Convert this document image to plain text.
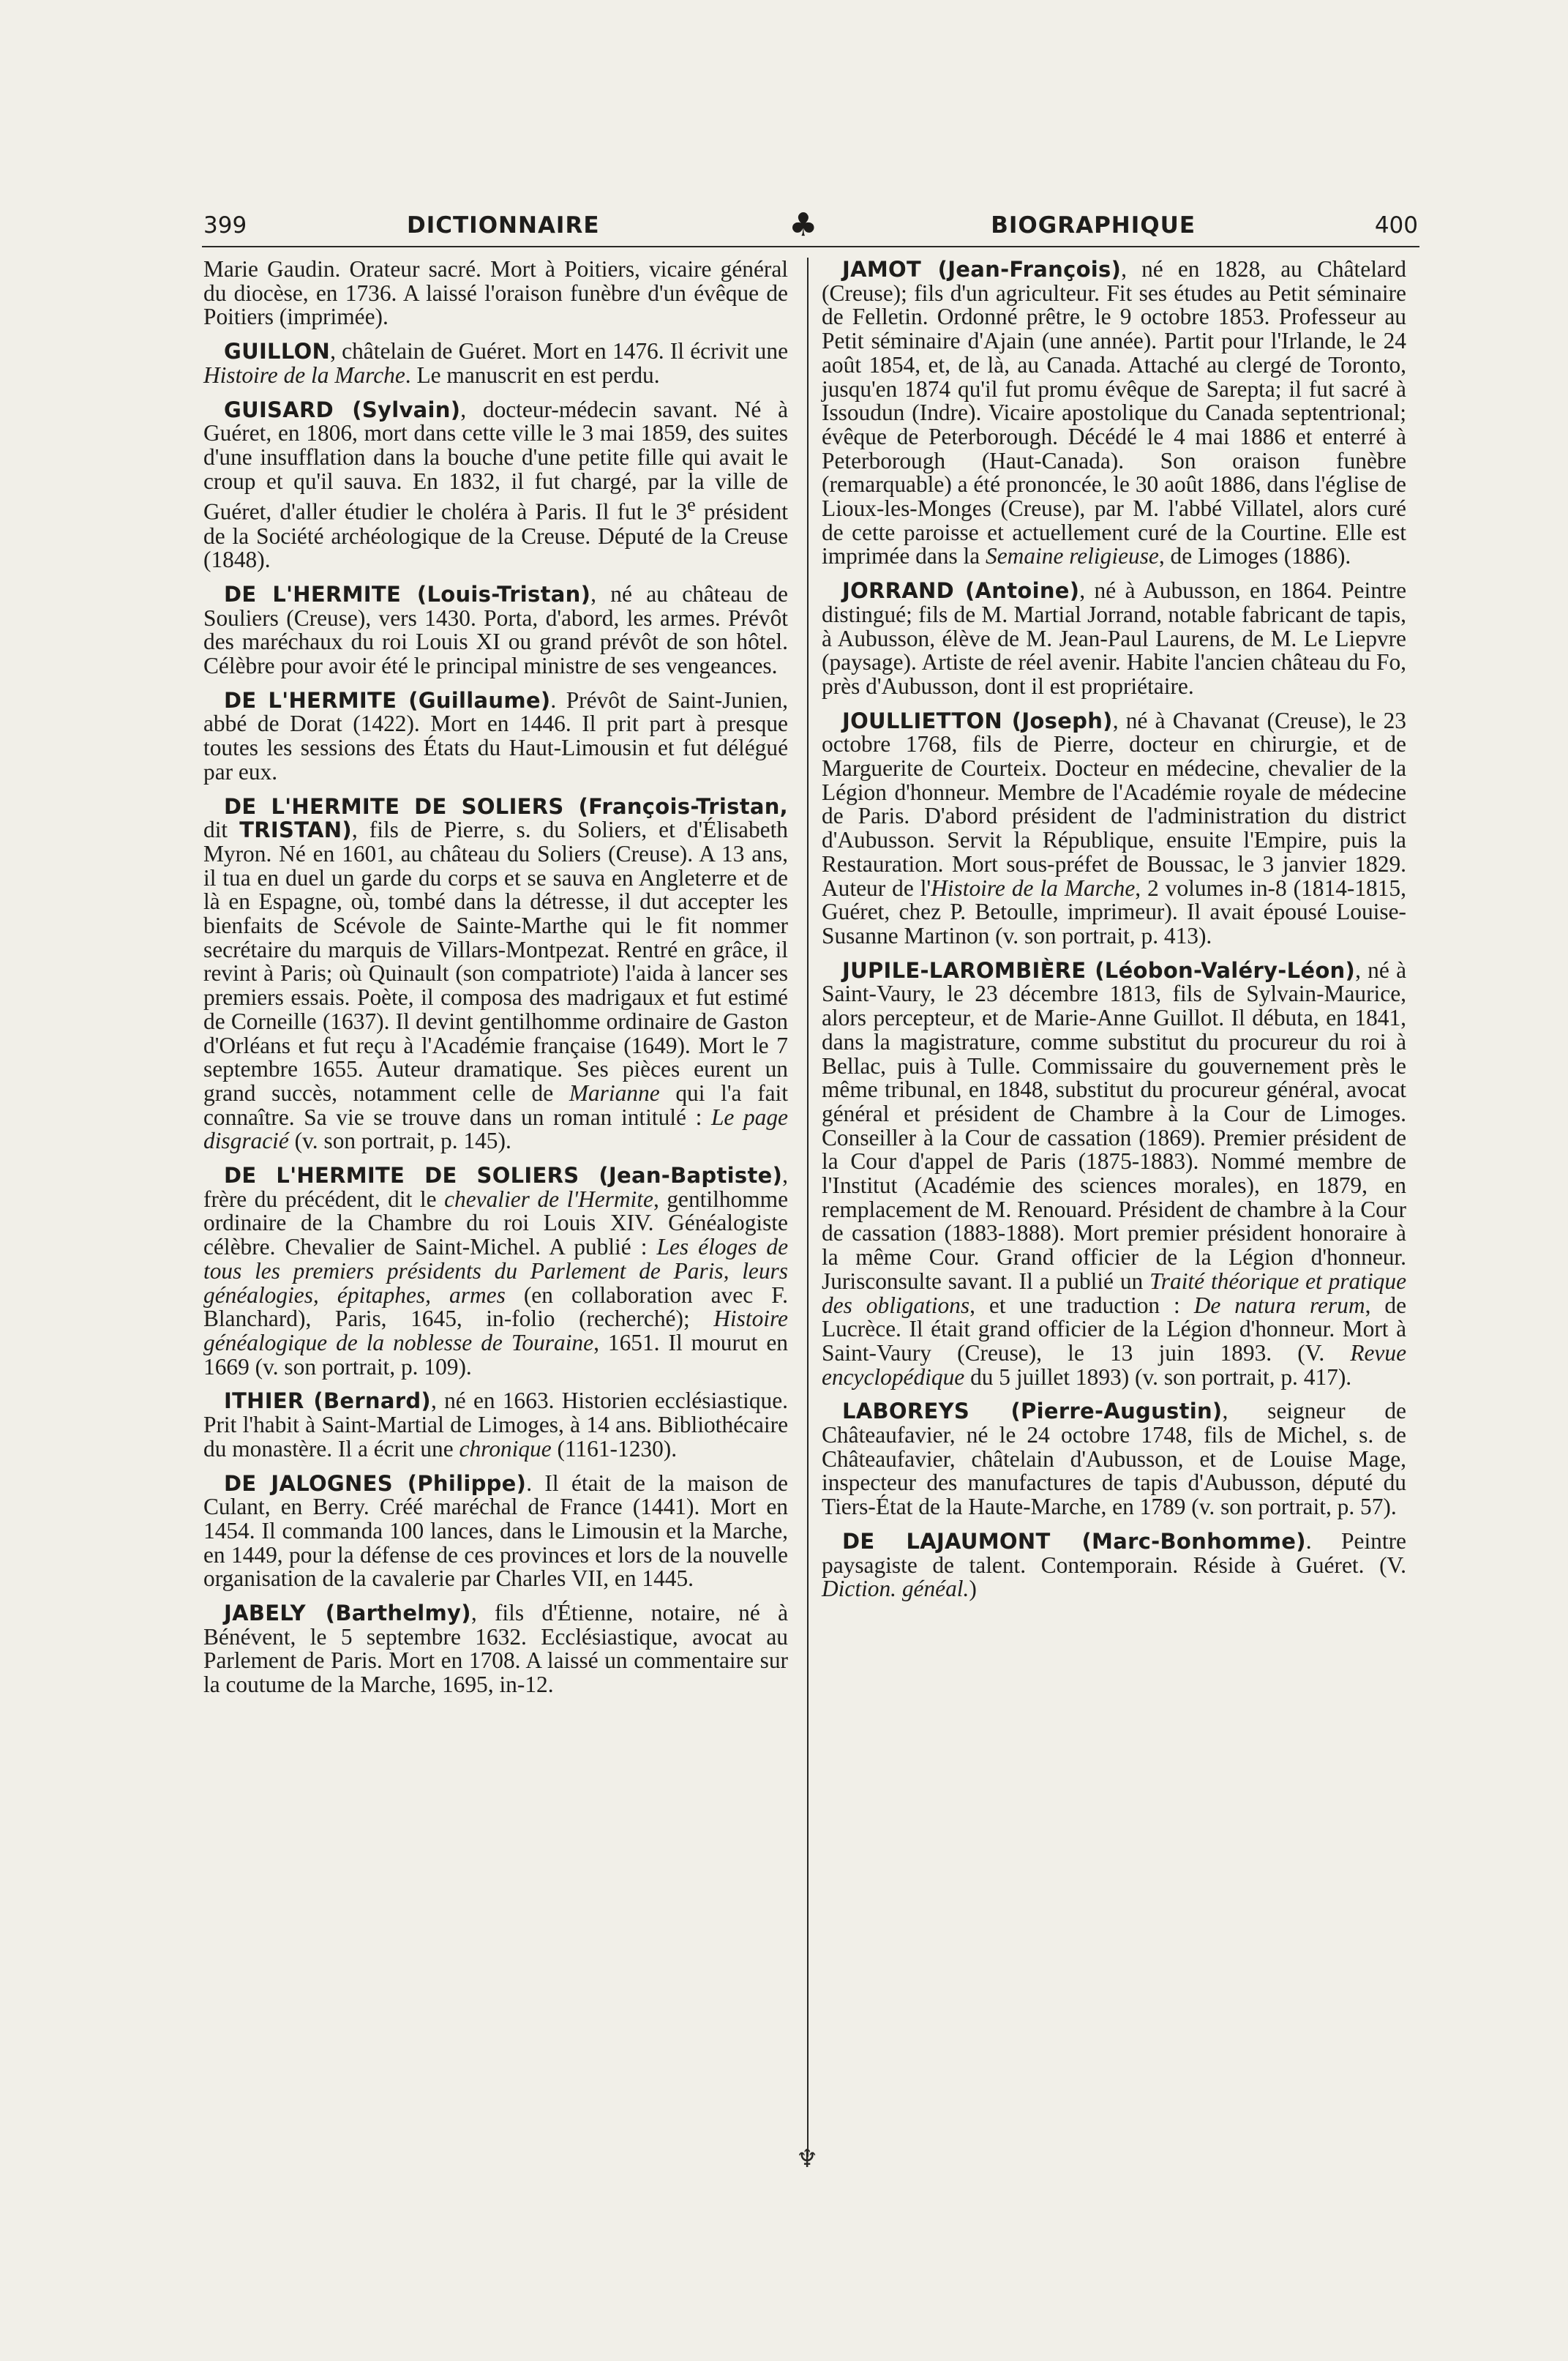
399	DICTIONNAIRE	♣	BIOGRAPHIQUE	400
♆

Marie Gaudin. Orateur sacré. Mort à Poitiers, vicaire général du diocèse, en 1736. A laissé l'oraison funèbre d'un évêque de Poitiers (imprimée).

GUILLON, châtelain de Guéret. Mort en 1476. Il écrivit une Histoire de la Marche. Le manuscrit en est perdu.

GUISARD (Sylvain), docteur-médecin savant. Né à Guéret, en 1806, mort dans cette ville le 3 mai 1859, des suites d'une insufflation dans la bouche d'une petite fille qui avait le croup et qu'il sauva. En 1832, il fut chargé, par la ville de Guéret, d'aller étudier le choléra à Paris. Il fut le 3e président de la Société archéologique de la Creuse. Député de la Creuse (1848).

DE L'HERMITE (Louis-Tristan), né au château de Souliers (Creuse), vers 1430. Porta, d'abord, les armes. Prévôt des maréchaux du roi Louis XI ou grand prévôt de son hôtel. Célèbre pour avoir été le principal ministre de ses vengeances.

DE L'HERMITE (Guillaume). Prévôt de Saint-Junien, abbé de Dorat (1422). Mort en 1446. Il prit part à presque toutes les sessions des États du Haut-Limousin et fut délégué par eux.

DE L'HERMITE DE SOLIERS (François-Tristan, dit TRISTAN), fils de Pierre, s. du Soliers, et d'Élisabeth Myron. Né en 1601, au château du Soliers (Creuse). A 13 ans, il tua en duel un garde du corps et se sauva en Angleterre et de là en Espagne, où, tombé dans la détresse, il dut accepter les bienfaits de Scévole de Sainte-Marthe qui le fit nommer secrétaire du marquis de Villars-Montpezat. Rentré en grâce, il revint à Paris; où Quinault (son compatriote) l'aida à lancer ses premiers essais. Poète, il composa des madrigaux et fut estimé de Corneille (1637). Il devint gentilhomme ordinaire de Gaston d'Orléans et fut reçu à l'Académie française (1649). Mort le 7 septembre 1655. Auteur dramatique. Ses pièces eurent un grand succès, notamment celle de Marianne qui l'a fait connaître. Sa vie se trouve dans un roman intitulé : Le page disgracié (v. son portrait, p. 145).

DE L'HERMITE DE SOLIERS (Jean-Baptiste), frère du précédent, dit le chevalier de l'Hermite, gentilhomme ordinaire de la Chambre du roi Louis XIV. Généalogiste célèbre. Chevalier de Saint-Michel. A publié : Les éloges de tous les premiers présidents du Parlement de Paris, leurs généalogies, épitaphes, armes (en collaboration avec F. Blanchard), Paris, 1645, in-folio (recherché); Histoire généalogique de la noblesse de Touraine, 1651. Il mourut en 1669 (v. son portrait, p. 109).

ITHIER (Bernard), né en 1663. Historien ecclésiastique. Prit l'habit à Saint-Martial de Limoges, à 14 ans. Bibliothécaire du monastère. Il a écrit une chronique (1161-1230).

DE JALOGNES (Philippe). Il était de la maison de Culant, en Berry. Créé maréchal de France (1441). Mort en 1454. Il commanda 100 lances, dans le Limousin et la Marche, en 1449, pour la défense de ces provinces et lors de la nouvelle organisation de la cavalerie par Charles VII, en 1445.

JABELY (Barthelmy), fils d'Étienne, notaire, né à Bénévent, le 5 septembre 1632. Ecclésiastique, avocat au Parlement de Paris. Mort en 1708. A laissé un commentaire sur la coutume de la Marche, 1695, in-12.

JAMOT (Jean-François), né en 1828, au Châtelard (Creuse); fils d'un agriculteur. Fit ses études au Petit séminaire de Felletin. Ordonné prêtre, le 9 octobre 1853. Professeur au Petit séminaire d'Ajain (une année). Partit pour l'Irlande, le 24 août 1854, et, de là, au Canada. Attaché au clergé de Toronto, jusqu'en 1874 qu'il fut promu évêque de Sarepta; il fut sacré à Issoudun (Indre). Vicaire apostolique du Canada septentrional; évêque de Peterborough. Décédé le 4 mai 1886 et enterré à Peterborough (Haut-Canada). Son oraison funèbre (remarquable) a été prononcée, le 30 août 1886, dans l'église de Lioux-les-Monges (Creuse), par M. l'abbé Villatel, alors curé de cette paroisse et actuellement curé de la Courtine. Elle est imprimée dans la Semaine religieuse, de Limoges (1886).

JORRAND (Antoine), né à Aubusson, en 1864. Peintre distingué; fils de M. Martial Jorrand, notable fabricant de tapis, à Aubusson, élève de M. Jean-Paul Laurens, de M. Le Liepvre (paysage). Artiste de réel avenir. Habite l'ancien château du Fo, près d'Aubusson, dont il est propriétaire.

JOULLIETTON (Joseph), né à Chavanat (Creuse), le 23 octobre 1768, fils de Pierre, docteur en chirurgie, et de Marguerite de Courteix. Docteur en médecine, chevalier de la Légion d'honneur. Membre de l'Académie royale de médecine de Paris. D'abord président de l'administration du district d'Aubusson. Servit la République, ensuite l'Empire, puis la Restauration. Mort sous-préfet de Boussac, le 3 janvier 1829. Auteur de l'Histoire de la Marche, 2 volumes in-8 (1814-1815, Guéret, chez P. Betoulle, imprimeur). Il avait épousé Louise-Susanne Martinon (v. son portrait, p. 413).

JUPILE-LAROMBIÈRE (Léobon-Valéry-Léon), né à Saint-Vaury, le 23 décembre 1813, fils de Sylvain-Maurice, alors percepteur, et de Marie-Anne Guillot. Il débuta, en 1841, dans la magistrature, comme substitut du procureur du roi à Bellac, puis à Tulle. Commissaire du gouvernement près le même tribunal, en 1848, substitut du procureur général, avocat général et président de Chambre à la Cour de Limoges. Conseiller à la Cour de cassation (1869). Premier président de la Cour d'appel de Paris (1875-1883). Nommé membre de l'Institut (Académie des sciences morales), en 1879, en remplacement de M. Renouard. Président de chambre à la Cour de cassation (1883-1888). Mort premier président honoraire à la même Cour. Grand officier de la Légion d'honneur. Jurisconsulte savant. Il a publié un Traité théorique et pratique des obligations, et une traduction : De natura rerum, de Lucrèce. Il était grand officier de la Légion d'honneur. Mort à Saint-Vaury (Creuse), le 13 juin 1893. (V. Revue encyclopédique du 5 juillet 1893) (v. son portrait, p. 417).

LABOREYS (Pierre-Augustin), seigneur de Châteaufavier, né le 24 octobre 1748, fils de Michel, s. de Châteaufavier, châtelain d'Aubusson, et de Louise Mage, inspecteur des manufactures de tapis d'Aubusson, député du Tiers-État de la Haute-Marche, en 1789 (v. son portrait, p. 57).

DE LAJAUMONT (Marc-Bonhomme). Peintre paysagiste de talent. Contemporain. Réside à Guéret. (V. Diction. généal.)
